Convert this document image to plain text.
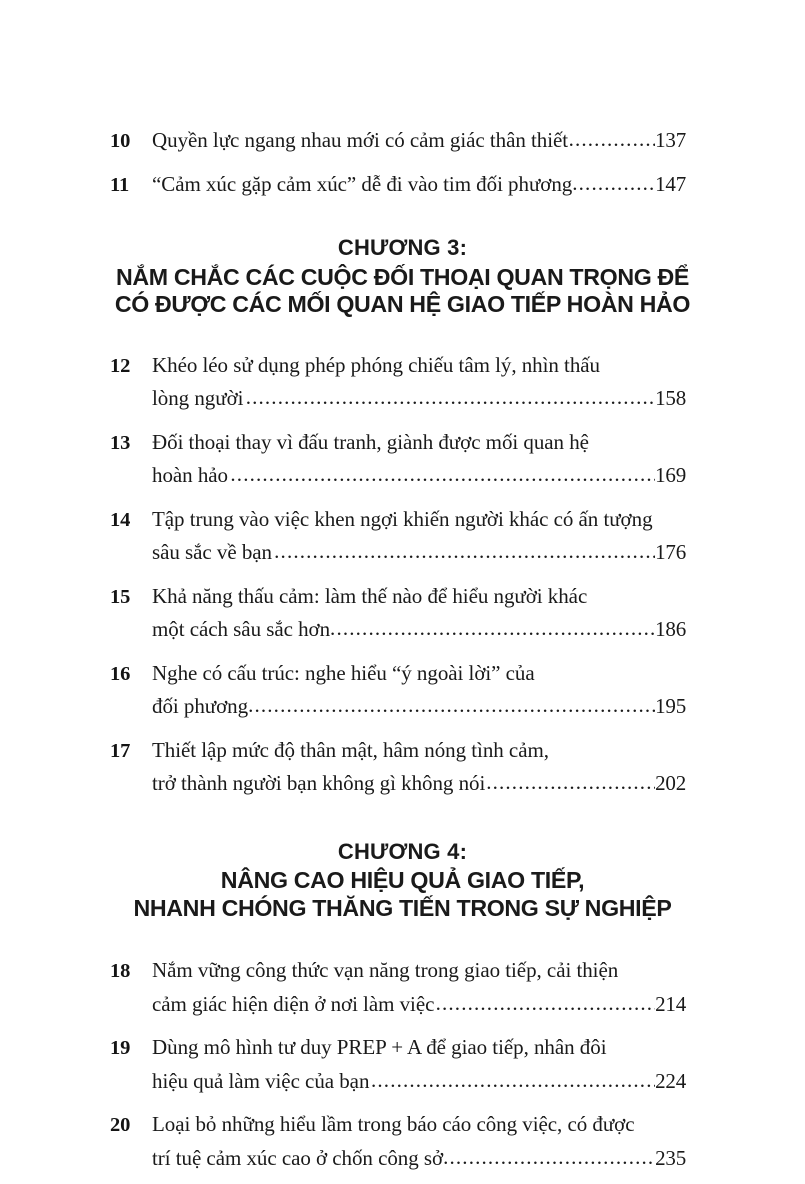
10	Quyền lực ngang nhau mới có cảm giác thân thiết .....	137
11	“Cảm xúc gặp cảm xúc” dễ đi vào tim đối phương .....	147
CHƯƠNG 3:
NẮM CHẮC CÁC CUỘC ĐỐI THOẠI QUAN TRỌNG ĐỂ
CÓ ĐƯỢC CÁC MỐI QUAN HỆ GIAO TIẾP HOÀN HẢO
12	Khéo léo sử dụng phép phóng chiếu tâm lý, nhìn thấu
lòng người .....	158
13	Đối thoại thay vì đấu tranh, giành được mối quan hệ
hoàn hảo .....	169
14	Tập trung vào việc khen ngợi khiến người khác có ấn tượng
sâu sắc về bạn .....	176
15	Khả năng thấu cảm: làm thế nào để hiểu người khác
một cách sâu sắc hơn .....	186
16	Nghe có cấu trúc: nghe hiểu “ý ngoài lời” của
đối phương .....	195
17	Thiết lập mức độ thân mật, hâm nóng tình cảm,
trở thành người bạn không gì không nói .....	202
CHƯƠNG 4:
NÂNG CAO HIỆU QUẢ GIAO TIẾP,
NHANH CHÓNG THĂNG TIẾN TRONG SỰ NGHIỆP
18	Nắm vững công thức vạn năng trong giao tiếp, cải thiện
cảm giác hiện diện ở nơi làm việc .....	214
19	Dùng mô hình tư duy PREP + A để giao tiếp, nhân đôi
hiệu quả làm việc của bạn .....	224
20	Loại bỏ những hiểu lầm trong báo cáo công việc, có được
trí tuệ cảm xúc cao ở chốn công sở .....	235
